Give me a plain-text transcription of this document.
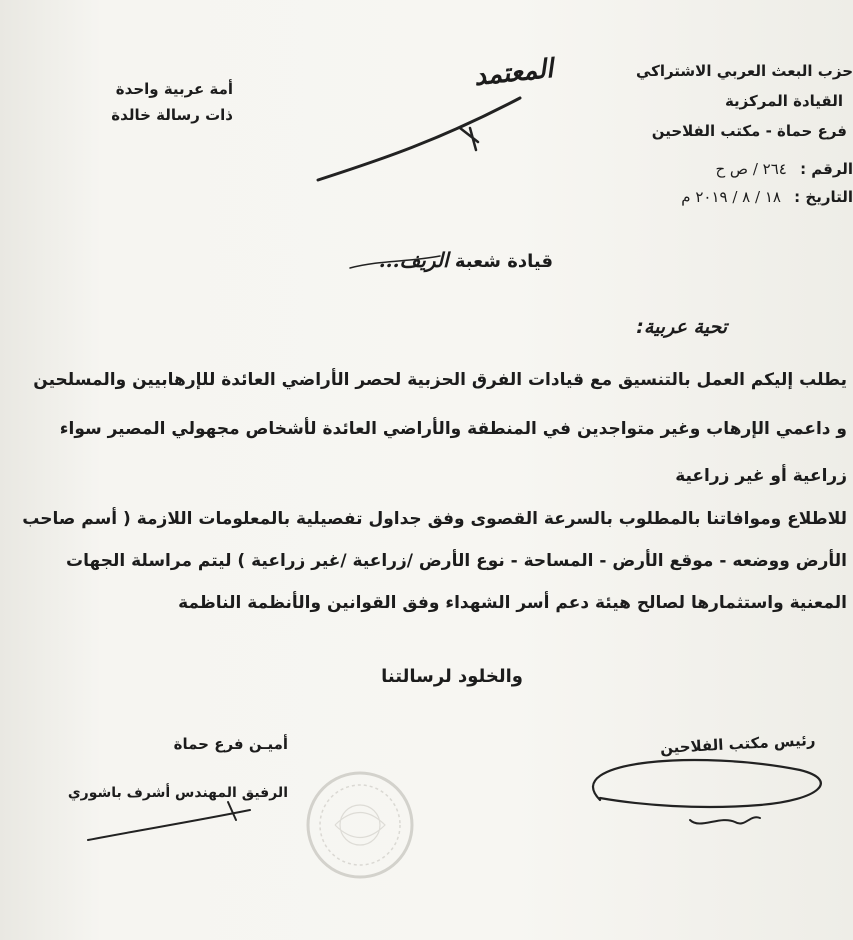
حزب البعث العربي الاشتراكي
القيادة المركزية
فرع حماة - مكتب الفلاحين
الرقم : ٢٦٤ / ص ح
التاريخ : ١٨ / ٨ / ٢٠١٩ م
أمة عربية واحدة
ذات رسالة خالدة
المعتمد
قيادة شعبة الريف...
تحية عربية:
يطلب إليكم العمل بالتنسيق مع قيادات الفرق الحزبية لحصر الأراضي العائدة للإرهابيين والمسلحين
و داعمي الإرهاب وغير متواجدين في المنطقة والأراضي العائدة لأشخاص مجهولي المصير سواء
زراعية أو غير زراعية
للاطلاع وموافاتنا بالمطلوب بالسرعة القصوى وفق جداول تفصيلية بالمعلومات اللازمة ( أسم صاحب
الأرض ووضعه - موقع الأرض - المساحة - نوع الأرض /زراعية /غير زراعية ) ليتم مراسلة الجهات
المعنية واستثمارها لصالح هيئة دعم أسر الشهداء وفق القوانين والأنظمة الناظمة
والخلود لرسالتنا
أميـن فرع حماة
الرفيق المهندس أشرف باشوري
رئيس مكتب الفلاحين
